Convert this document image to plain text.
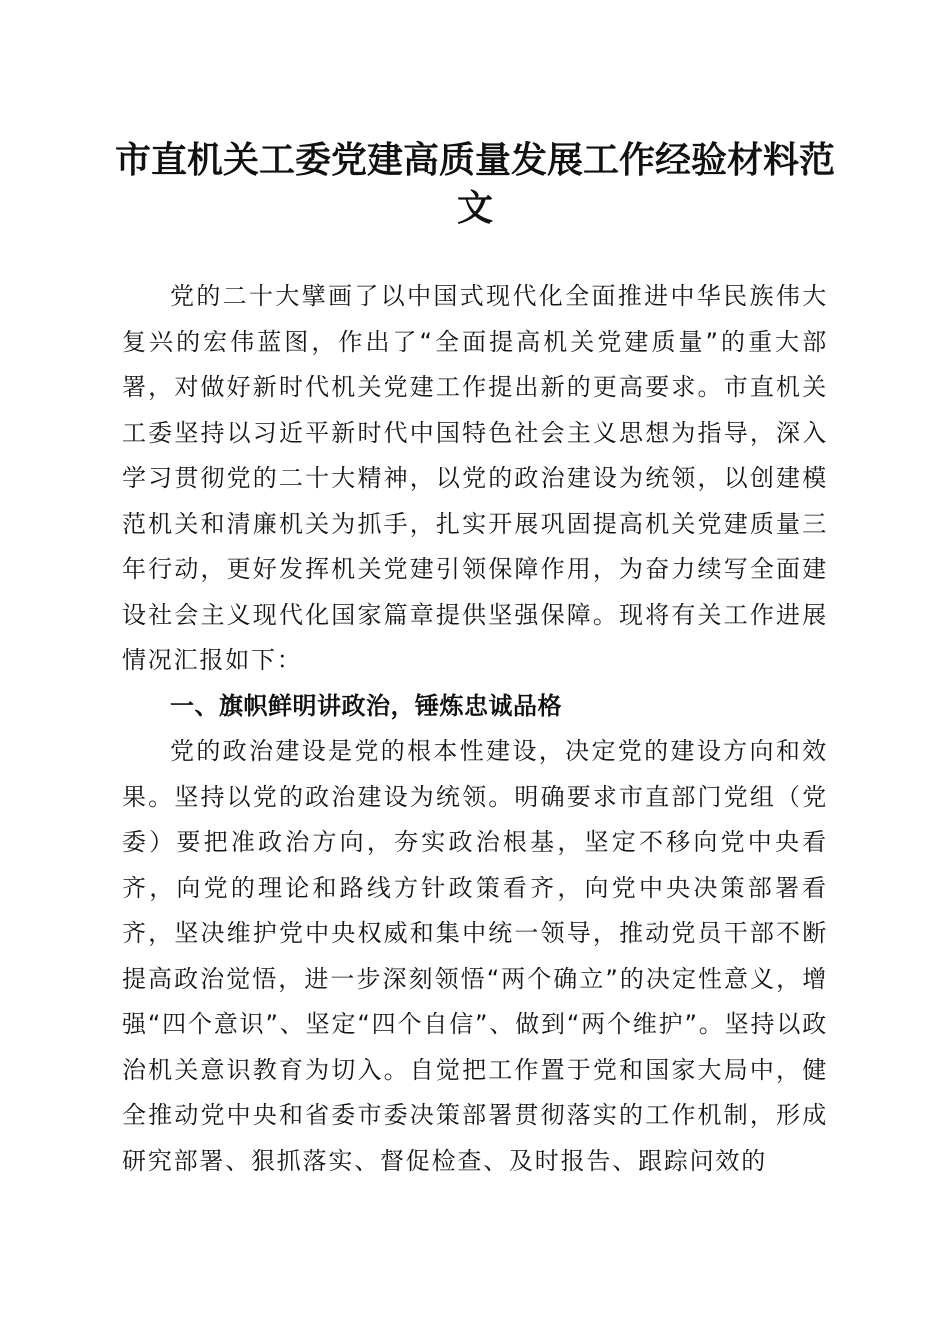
市直机关工委党建高质量发展工作经验材料范文

党的二十大擘画了以中国式现代化全面推进中华民族伟大复兴的宏伟蓝图，作出了“全面提高机关党建质量”的重大部署，对做好新时代机关党建工作提出新的更高要求。市直机关工委坚持以习近平新时代中国特色社会主义思想为指导，深入学习贯彻党的二十大精神，以党的政治建设为统领，以创建模范机关和清廉机关为抓手，扎实开展巩固提高机关党建质量三年行动，更好发挥机关党建引领保障作用，为奋力续写全面建设社会主义现代化国家篇章提供坚强保障。现将有关工作进展情况汇报如下：

一、旗帜鲜明讲政治，锤炼忠诚品格

党的政治建设是党的根本性建设，决定党的建设方向和效果。坚持以党的政治建设为统领。明确要求市直部门党组（党委）要把准政治方向，夯实政治根基，坚定不移向党中央看齐，向党的理论和路线方针政策看齐，向党中央决策部署看齐，坚决维护党中央权威和集中统一领导，推动党员干部不断提高政治觉悟，进一步深刻领悟“两个确立”的决定性意义，增强“四个意识”、坚定“四个自信”、做到“两个维护”。坚持以政治机关意识教育为切入。自觉把工作置于党和国家大局中，健全推动党中央和省委市委决策部署贯彻落实的工作机制，形成研究部署、狠抓落实、督促检查、及时报告、跟踪问效的
